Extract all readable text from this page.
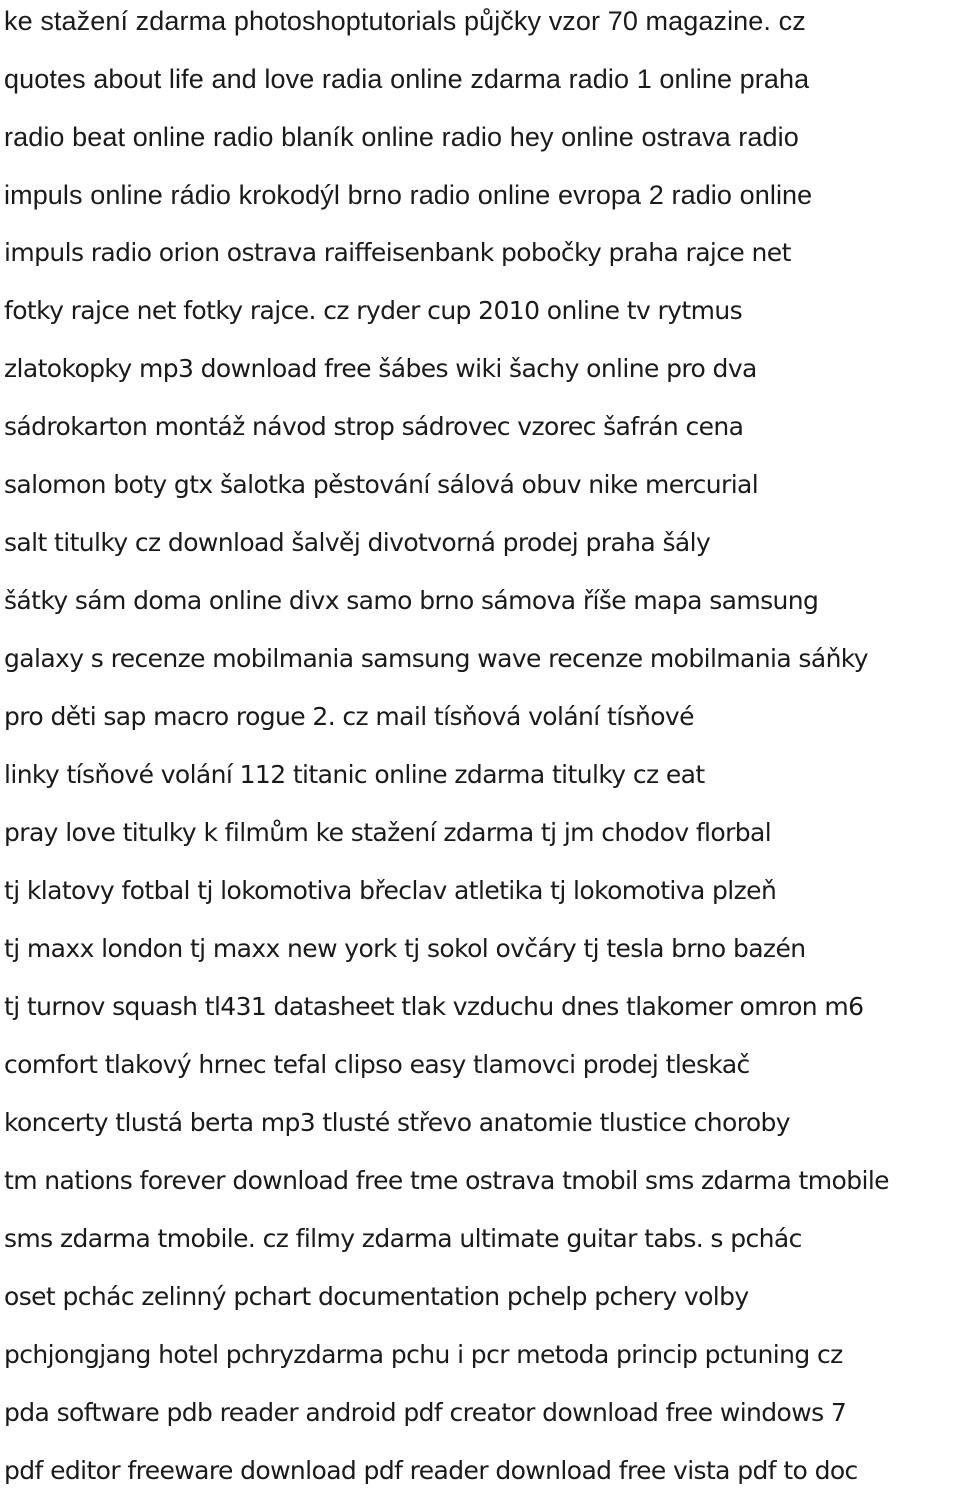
ke stažení zdarma photoshoptutorials půjčky vzor 70 magazine. cz
quotes about life and love radia online zdarma radio 1 online praha
radio beat online radio blaník online radio hey online ostrava radio
impuls online rádio krokodýl brno radio online evropa 2 radio online
impuls radio orion ostrava raiffeisenbank pobočky praha rajce net
fotky rajce net fotky rajce. cz ryder cup 2010 online tv rytmus
zlatokopky mp3 download free šábes wiki šachy online pro dva
sádrokarton montáž návod strop sádrovec vzorec šafrán cena
salomon boty gtx šalotka pěstování sálová obuv nike mercurial
salt titulky cz download šalvěj divotvorná prodej praha šály
šátky sám doma online divx samo brno sámova říše mapa samsung
galaxy s recenze mobilmania samsung wave recenze mobilmania sáňky
pro děti sap macro rogue 2. cz mail tísňová volání tísňové
linky tísňové volání 112 titanic online zdarma titulky cz eat
pray love titulky k filmům ke stažení zdarma tj jm chodov florbal
tj klatovy fotbal tj lokomotiva břeclav atletika tj lokomotiva plzeň
tj maxx london tj maxx new york tj sokol ovčáry tj tesla brno bazén
tj turnov squash tl431 datasheet tlak vzduchu dnes tlakomer omron m6
comfort tlakový hrnec tefal clipso easy tlamovci prodej tleskač
koncerty tlustá berta mp3 tlusté střevo anatomie tlustice choroby
tm nations forever download free tme ostrava tmobil sms zdarma tmobile
sms zdarma tmobile. cz filmy zdarma ultimate guitar tabs. s pchác
oset pchác zelinný pchart documentation pchelp pchery volby
pchjongjang hotel pchryzdarma pchu i pcr metoda princip pctuning cz
pda software pdb reader android pdf creator download free windows 7
pdf editor freeware download pdf reader download free vista pdf to doc
